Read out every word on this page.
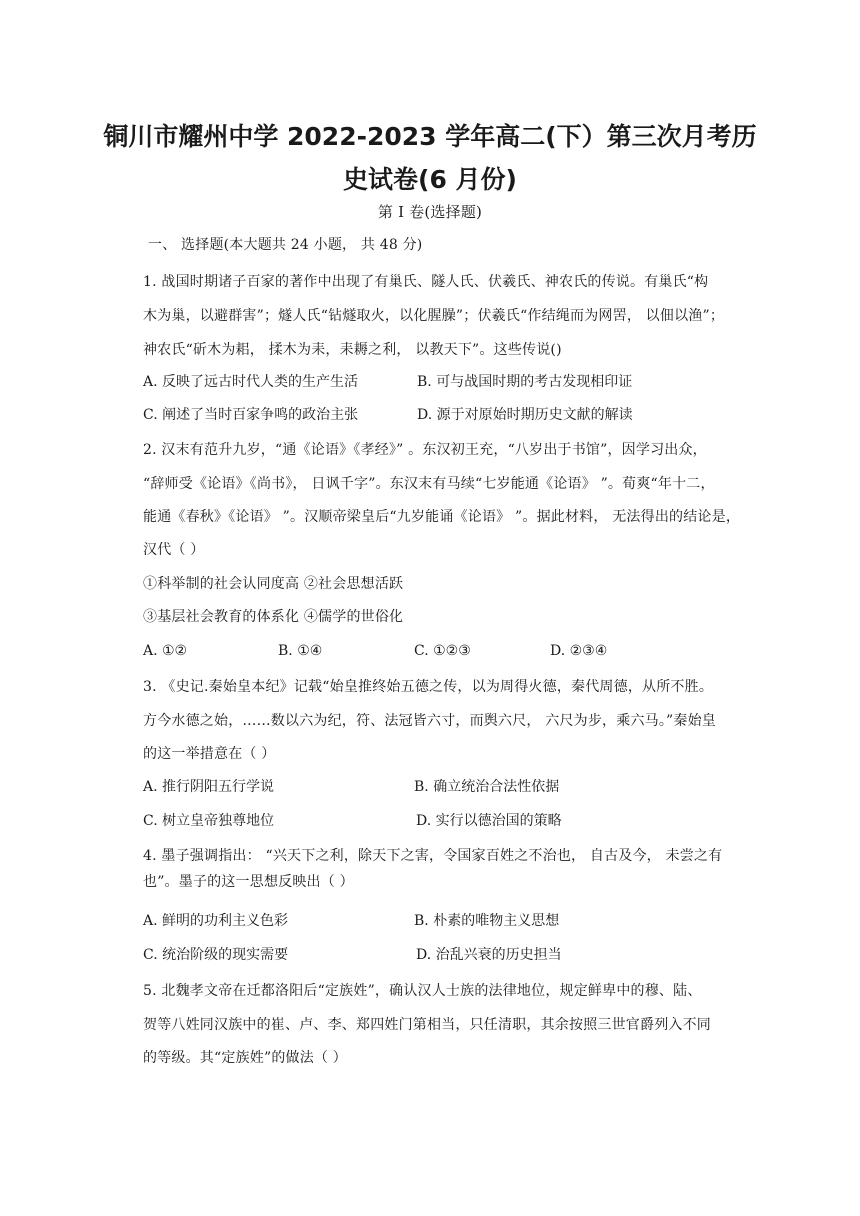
铜川市耀州中学 2022-2023 学年高二(下）第三次月考历
史试卷(6 月份)
第 I 卷(选择题)
一、 选择题(本大题共 24 小题， 共 48 分)
1. 战国时期诸子百家的著作中出现了有巢氏、隧人氏、伏羲氏、神农氏的传说。有巢氏“构
木为巢，以避群害”；燧人氏“钻燧取火，以化腥臊”；伏羲氏“作结绳而为网罟， 以佃以渔”；
神农氏“斫木为耜， 揉木为耒，耒耨之利， 以教天下”。这些传说()
A. 反映了远古时代人类的生产生活	B. 可与战国时期的考古发现相印证
C. 阐述了当时百家争鸣的政治主张	D. 源于对原始时期历史文献的解读
2. 汉末有范升九岁，“通《论语》《孝经》” 。东汉初王充，“八岁出于书馆”，因学习出众，
“辞师受《论语》《尚书》， 日讽千字”。东汉末有马续“七岁能通《论语》 ”。荀爽“年十二，
能通《春秋》《论语》 ”。汉顺帝梁皇后“九岁能诵《论语》 ”。据此材料， 无法得出的结论是，
汉代（ ）
①科举制的社会认同度高 ②社会思想活跃
③基层社会教育的体系化 ④儒学的世俗化
A. ①②	B. ①④	C. ①②③	D. ②③④
3. 《史记.秦始皇本纪》记载“始皇推终始五德之传，以为周得火德，秦代周德，从所不胜。
方今水德之始，……数以六为纪，符、法冠皆六寸，而舆六尺， 六尺为步，乘六马。”秦始皇
的这一举措意在（ ）
A. 推行阴阳五行学说	B. 确立统治合法性依据
C. 树立皇帝独尊地位	D. 实行以德治国的策略
4. 墨子强调指出： “兴天下之利，除天下之害，令国家百姓之不治也， 自古及今， 未尝之有
也”。墨子的这一思想反映出（ ）
A. 鲜明的功利主义色彩	B. 朴素的唯物主义思想
C. 统治阶级的现实需要	D. 治乱兴衰的历史担当
5. 北魏孝文帝在迁都洛阳后“定族姓”，确认汉人士族的法律地位，规定鲜卑中的穆、陆、
贺等八姓同汉族中的崔、卢、李、郑四姓门第相当，只任清职，其余按照三世官爵列入不同
的等级。其“定族姓”的做法（ ）
